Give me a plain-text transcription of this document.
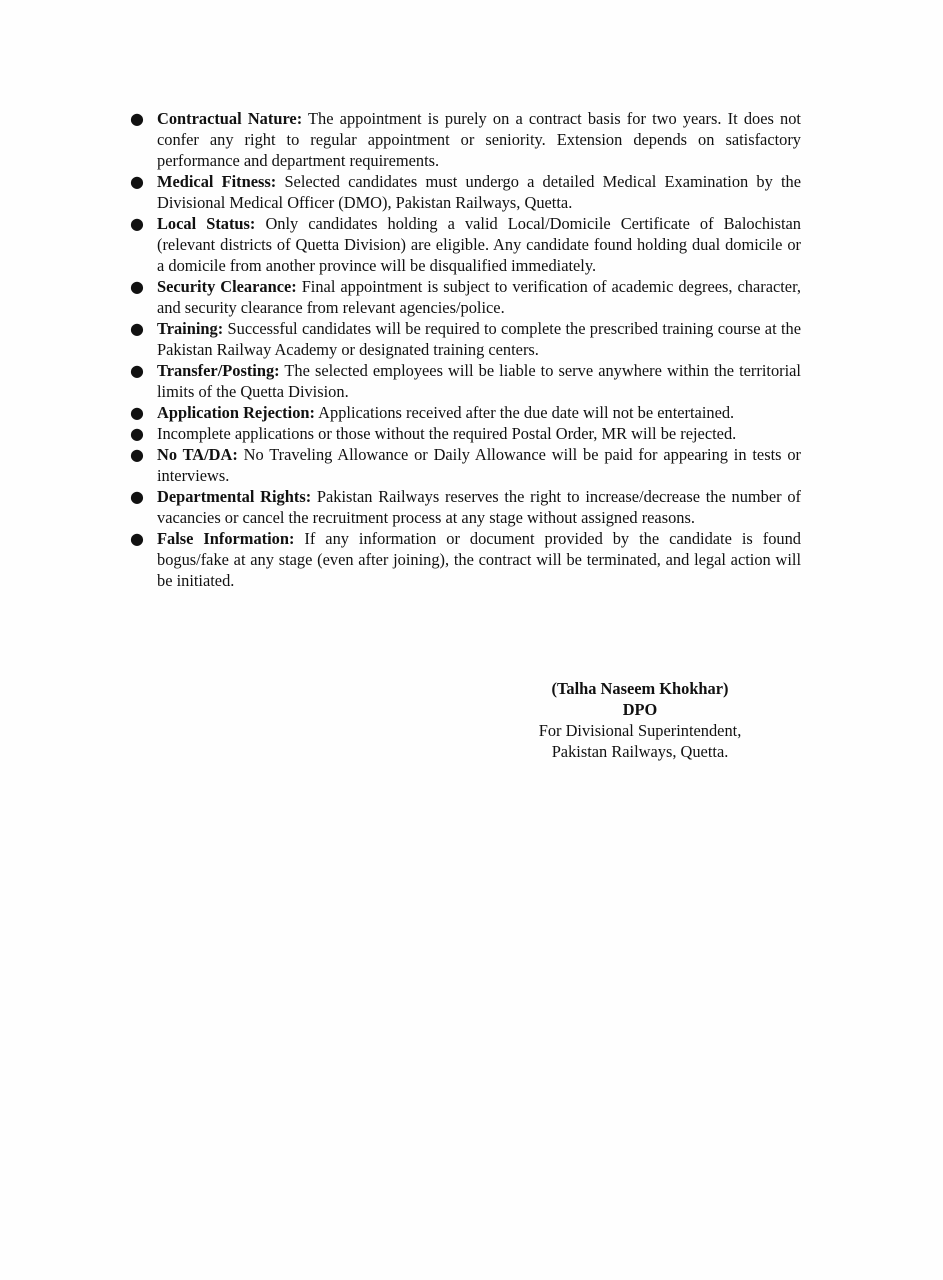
● Contractual Nature: The appointment is purely on a contract basis for two years. It does not confer any right to regular appointment or seniority. Extension depends on satisfactory performance and department requirements.
● Medical Fitness: Selected candidates must undergo a detailed Medical Examination by the Divisional Medical Officer (DMO), Pakistan Railways, Quetta.
● Local Status: Only candidates holding a valid Local/Domicile Certificate of Balochistan (relevant districts of Quetta Division) are eligible. Any candidate found holding dual domicile or a domicile from another province will be disqualified immediately.
● Security Clearance: Final appointment is subject to verification of academic degrees, character, and security clearance from relevant agencies/police.
● Training: Successful candidates will be required to complete the prescribed training course at the Pakistan Railway Academy or designated training centers.
● Transfer/Posting: The selected employees will be liable to serve anywhere within the territorial limits of the Quetta Division.
● Application Rejection: Applications received after the due date will not be entertained.
● Incomplete applications or those without the required Postal Order, MR will be rejected.
● No TA/DA: No Traveling Allowance or Daily Allowance will be paid for appearing in tests or interviews.
● Departmental Rights: Pakistan Railways reserves the right to increase/decrease the number of vacancies or cancel the recruitment process at any stage without assigned reasons.
● False Information: If any information or document provided by the candidate is found bogus/fake at any stage (even after joining), the contract will be terminated, and legal action will be initiated.
(Talha Naseem Khokhar)
DPO
For Divisional Superintendent,
Pakistan Railways, Quetta.
